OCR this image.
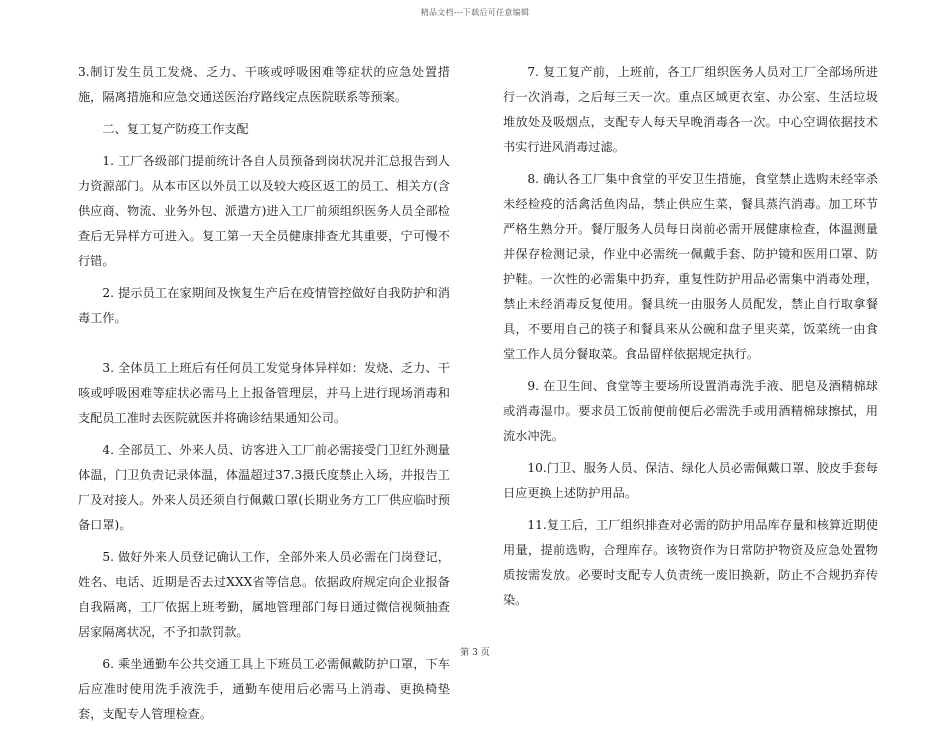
精品文档---下载后可任意编辑

3.制订发生员工发烧、乏力、干咳或呼吸困难等症状的应急处置措施，隔离措施和应急交通送医治疗路线定点医院联系等预案。

二、复工复产防疫工作支配

1. 工厂各级部门提前统计各自人员预备到岗状况并汇总报告到人力资源部门。从本市区以外员工以及较大疫区返工的员工、相关方(含供应商、物流、业务外包、派遣方)进入工厂前须组织医务人员全部检查后无异样方可进入。复工第一天全员健康排查尤其重要，宁可慢不行错。

2. 提示员工在家期间及恢复生产后在疫情管控做好自我防护和消毒工作。

3. 全体员工上班后有任何员工发觉身体异样如：发烧、乏力、干咳或呼吸困难等症状必需马上上报备管理层，并马上进行现场消毒和支配员工准时去医院就医并将确诊结果通知公司。

4. 全部员工、外来人员、访客进入工厂前必需接受门卫红外测量体温，门卫负责记录体温，体温超过37.3摄氏度禁止入场，并报告工厂及对接人。外来人员还须自行佩戴口罩(长期业务方工厂供应临时预备口罩)。

5. 做好外来人员登记确认工作，全部外来人员必需在门岗登记，姓名、电话、近期是否去过XXX省等信息。依据政府规定向企业报备自我隔离，工厂依据上班考勤，属地管理部门每日通过微信视频抽查居家隔离状况，不予扣款罚款。

6. 乘坐通勤车公共交通工具上下班员工必需佩戴防护口罩，下车后应准时使用洗手液洗手，通勤车使用后必需马上消毒、更换椅垫套，支配专人管理检查。

7. 复工复产前，上班前，各工厂组织医务人员对工厂全部场所进行一次消毒，之后每三天一次。重点区域更衣室、办公室、生活垃圾堆放处及吸烟点，支配专人每天早晚消毒各一次。中心空调依据技术书实行进风消毒过滤。

8. 确认各工厂集中食堂的平安卫生措施，食堂禁止选购未经宰杀未经检疫的活禽活鱼肉品，禁止供应生菜，餐具蒸汽消毒。加工环节严格生熟分开。餐厅服务人员每日岗前必需开展健康检查，体温测量并保存检测记录，作业中必需统一佩戴手套、防护镜和医用口罩、防护鞋。一次性的必需集中扔弃，重复性防护用品必需集中消毒处理，禁止未经消毒反复使用。餐具统一由服务人员配发，禁止自行取拿餐具，不要用自己的筷子和餐具来从公碗和盘子里夹菜，饭菜统一由食堂工作人员分餐取菜。食品留样依据规定执行。

9. 在卫生间、食堂等主要场所设置消毒洗手液、肥皂及酒精棉球或消毒湿巾。要求员工饭前便前便后必需洗手或用酒精棉球擦拭，用流水冲洗。

10.门卫、服务人员、保洁、绿化人员必需佩戴口罩、胶皮手套每日应更换上述防护用品。

11.复工后，工厂组织排查对必需的防护用品库存量和核算近期使用量，提前选购，合理库存。该物资作为日常防护物资及应急处置物质按需发放。必要时支配专人负责统一废旧换新，防止不合规扔弃传染。

第 3 页
